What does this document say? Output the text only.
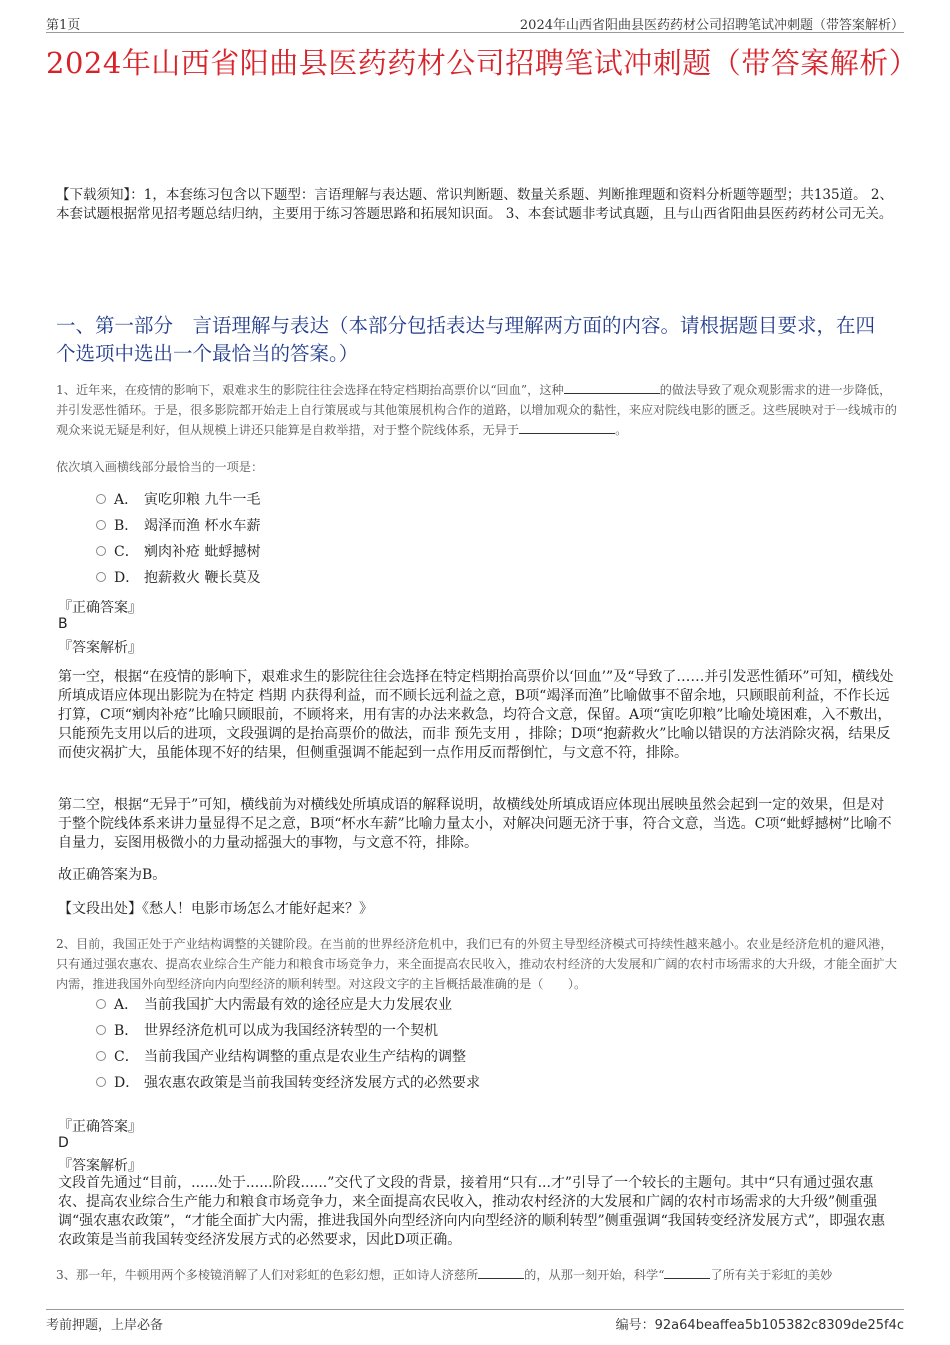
第1页	2024年山西省阳曲县医药药材公司招聘笔试冲刺题（带答案解析）
2024年山西省阳曲县医药药材公司招聘笔试冲刺题（带答案解析）
【下载须知】：1，本套练习包含以下题型：言语理解与表达题、常识判断题、数量关系题、判断推理题和资料分析题等题型；共135道。 2、本套试题根据常见招考题总结归纳，主要用于练习答题思路和拓展知识面。 3、本套试题非考试真题，且与山西省阳曲县医药药材公司无关。
一、第一部分　言语理解与表达（本部分包括表达与理解两方面的内容。请根据题目要求，在四个选项中选出一个最恰当的答案。）
1、近年来，在疫情的影响下，艰难求生的影院往往会选择在特定档期抬高票价以“回血”，这种	的做法导致了观众观影需求的进一步降低，并引发恶性循环。于是，很多影院都开始走上自行策展或与其他策展机构合作的道路，以增加观众的黏性，来应对院线电影的匮乏。这些展映对于一线城市的观众来说无疑是利好，但从规模上讲还只能算是自救举措，对于整个院线体系，无异于	。
依次填入画横线部分最恰当的一项是：
A． 寅吃卯粮 九牛一毛
B． 竭泽而渔 杯水车薪
C． 剜肉补疮 蚍蜉撼树
D． 抱薪救火 鞭长莫及
『正确答案』
B
『答案解析』
第一空，根据“在疫情的影响下，艰难求生的影院往往会选择在特定档期抬高票价以‘回血’”及“导致了……并引发恶性循环”可知，横线处所填成语应体现出影院为在特定 档期 内获得利益，而不顾长远利益之意，B项“竭泽而渔”比喻做事不留余地，只顾眼前利益，不作长远打算，C项“剜肉补疮”比喻只顾眼前，不顾将来，用有害的办法来救急，均符合文意，保留。A项“寅吃卯粮”比喻处境困难，入不敷出，只能预先支用以后的进项，文段强调的是抬高票价的做法，而非 预先支用 ，排除；D项“抱薪救火”比喻以错误的方法消除灾祸，结果反而使灾祸扩大，虽能体现不好的结果，但侧重强调不能起到一点作用反而帮倒忙，与文意不符，排除。
第二空，根据“无异于”可知，横线前为对横线处所填成语的解释说明，故横线处所填成语应体现出展映虽然会起到一定的效果，但是对于整个院线体系来讲力量显得不足之意，B项“杯水车薪”比喻力量太小，对解决问题无济于事，符合文意，当选。C项“蚍蜉撼树”比喻不自量力，妄图用极微小的力量动摇强大的事物，与文意不符，排除。
故正确答案为B。
【文段出处】《愁人！电影市场怎么才能好起来？》
2、目前，我国正处于产业结构调整的关键阶段。在当前的世界经济危机中，我们已有的外贸主导型经济模式可持续性越来越小。农业是经济危机的避风港，只有通过强农惠农、提高农业综合生产能力和粮食市场竞争力，来全面提高农民收入，推动农村经济的大发展和广阔的农村市场需求的大升级，才能全面扩大内需，推进我国外向型经济向内向型经济的顺利转型。对这段文字的主旨概括最准确的是（　　）。
A． 当前我国扩大内需最有效的途径应是大力发展农业
B． 世界经济危机可以成为我国经济转型的一个契机
C． 当前我国产业结构调整的重点是农业生产结构的调整
D． 强农惠农政策是当前我国转变经济发展方式的必然要求
『正确答案』
D
『答案解析』
文段首先通过“目前，......处于......阶段......”交代了文段的背景，接着用“只有...才”引导了一个较长的主题句。其中“只有通过强农惠农、提高农业综合生产能力和粮食市场竞争力，来全面提高农民收入，推动农村经济的大发展和广阔的农村市场需求的大升级”侧重强调“强农惠农政策”，“才能全面扩大内需，推进我国外向型经济向内向型经济的顺利转型”侧重强调“我国转变经济发展方式”，即强农惠农政策是当前我国转变经济发展方式的必然要求，因此D项正确。
3、那一年，牛顿用两个多棱镜消解了人们对彩虹的色彩幻想，正如诗人济慈所	的，从那一刻开始，科学“	了所有关于彩虹的美妙
考前押题，上岸必备	编号：92a64beaffea5b105382c8309de25f4c
